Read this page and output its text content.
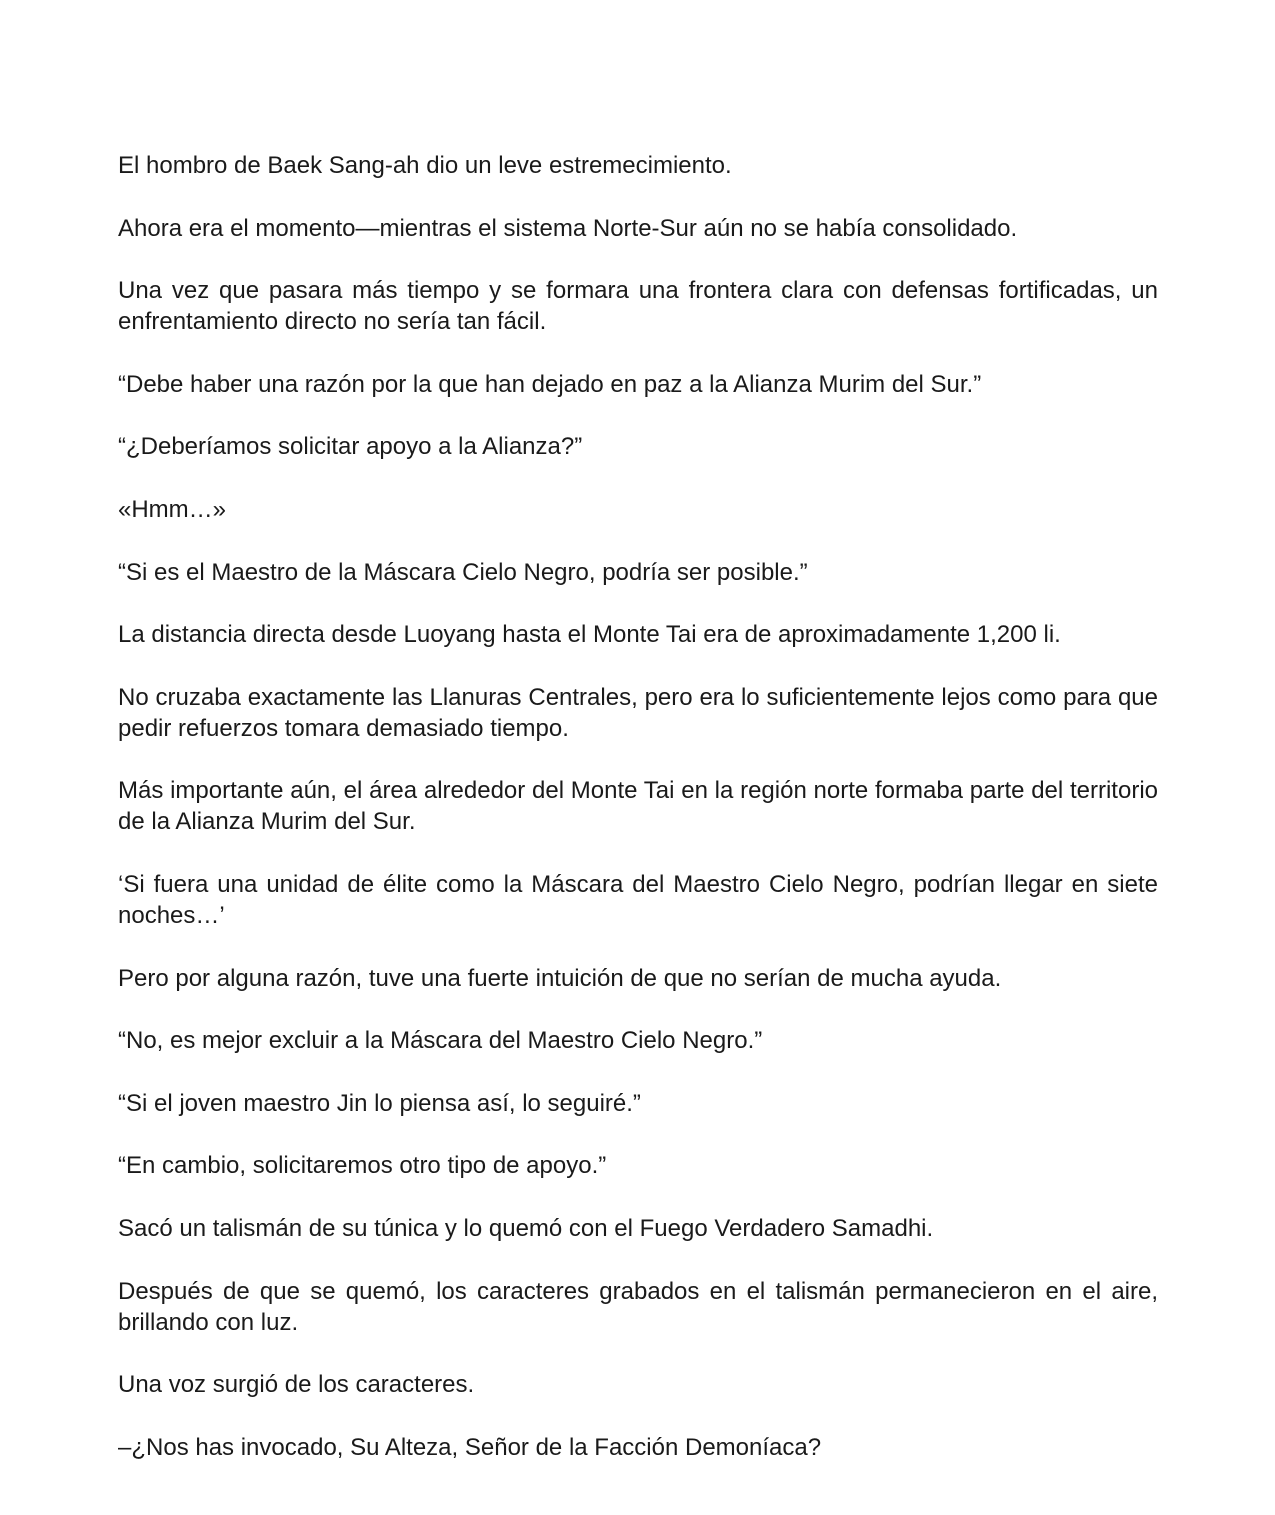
El hombro de Baek Sang-ah dio un leve estremecimiento.

Ahora era el momento—mientras el sistema Norte-Sur aún no se había consolidado.

Una vez que pasara más tiempo y se formara una frontera clara con defensas fortificadas, un enfrentamiento directo no sería tan fácil.

“Debe haber una razón por la que han dejado en paz a la Alianza Murim del Sur.”

“¿Deberíamos solicitar apoyo a la Alianza?”

«Hmm…»

“Si es el Maestro de la Máscara Cielo Negro, podría ser posible.”

La distancia directa desde Luoyang hasta el Monte Tai era de aproximadamente 1,200 li.

No cruzaba exactamente las Llanuras Centrales, pero era lo suficientemente lejos como para que pedir refuerzos tomara demasiado tiempo.

Más importante aún, el área alrededor del Monte Tai en la región norte formaba parte del territorio de la Alianza Murim del Sur.

‘Si fuera una unidad de élite como la Máscara del Maestro Cielo Negro, podrían llegar en siete noches…’

Pero por alguna razón, tuve una fuerte intuición de que no serían de mucha ayuda.

“No, es mejor excluir a la Máscara del Maestro Cielo Negro.”

“Si el joven maestro Jin lo piensa así, lo seguiré.”

“En cambio, solicitaremos otro tipo de apoyo.”

Sacó un talismán de su túnica y lo quemó con el Fuego Verdadero Samadhi.

Después de que se quemó, los caracteres grabados en el talismán permanecieron en el aire, brillando con luz.

Una voz surgió de los caracteres.

–¿Nos has invocado, Su Alteza, Señor de la Facción Demoníaca?
